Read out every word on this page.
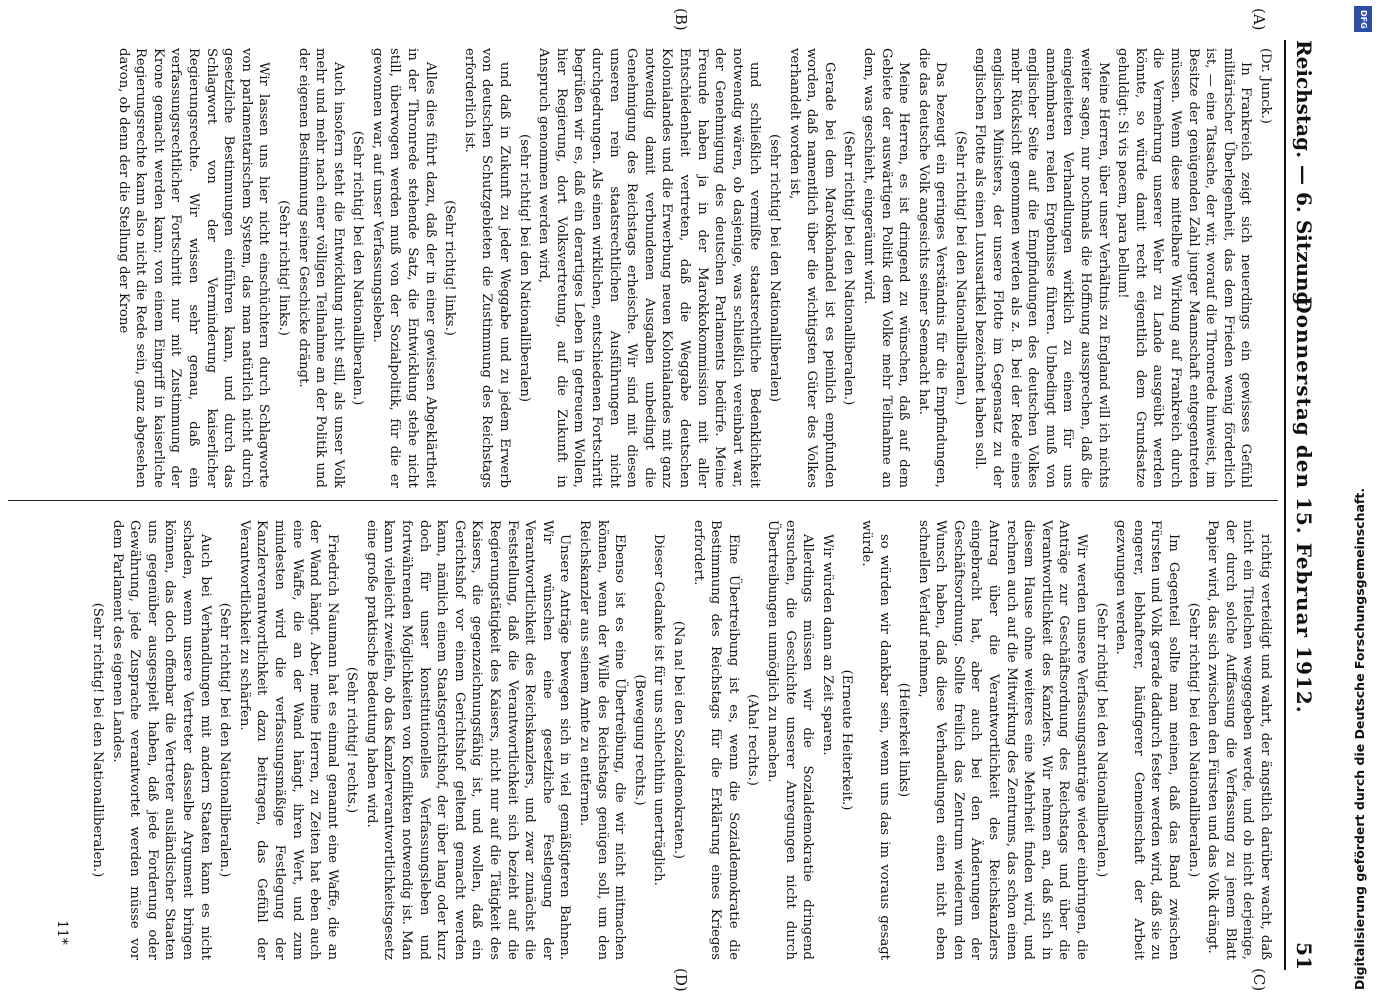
Reichstag. — 6. Sitzung.
Donnerstag den 15. Februar 1912.
51
(A)
(B)
(C)
(D)

(Dr. Junck.)

In Frankreich zeigt sich neuerdings ein gewisses Gefühl militärischer Überlegenheit, das dem Frieden wenig förderlich ist, — eine Tatsache, der wir, worauf die Thronrede hinweist, im Besitze der genügenden Zahl junger Mannschaft entgegentreten müssen. Wenn diese mittelbare Wirkung auf Frankreich durch die Vermehrung unserer Wehr zu Lande ausgeübt werden könnte, so würde damit recht eigentlich dem Grundsatze gehuldigt: Si vis pacem, para bellum!

Meine Herren, über unser Verhältnis zu England will ich nichts weiter sagen, nur nochmals die Hoffnung aussprechen, daß die eingeleiteten Verhandlungen wirklich zu einem für uns annehmbaren realen Ergebnisse führen. Unbedingt muß von englischer Seite auf die Empfindungen des deutschen Volkes mehr Rücksicht genommen werden als z. B. bei der Rede eines englischen Ministers, der unsere Flotte im Gegensatz zu der englischen Flotte als einen Luxusartikel bezeichnet haben soll.

(Sehr richtig! bei den Nationalliberalen.)

Das bezeugt ein geringes Verständnis für die Empfindungen, die das deutsche Volk angesichts seiner Seemacht hat.

Meine Herren, es ist dringend zu wünschen, daß auf dem Gebiete der auswärtigen Politik dem Volke mehr Teilnahme an dem, was geschieht, eingeräumt wird.

(Sehr richtig! bei den Nationalliberalen.)

Gerade bei dem Marokkohandel ist es peinlich empfunden worden, daß namentlich über die wichtigsten Güter des Volkes verhandelt worden ist,

(sehr richtig! bei den Nationalliberalen)

und schließlich vermißte staatsrechtliche Bedenklichkeit notwendig wären, ob dasjenige, was schließlich vereinbart war, der Genehmigung des deutschen Parlaments bedürfe. Meine Freunde haben ja in der Marokkokommission mit aller Entschiedenheit vertreten, daß die Weggabe deutschen Kolonialandes und die Erwerbung neuen Kolonialandes mit ganz notwendig damit verbundenen Ausgaben unbedingt die Genehmigung des Reichstags erheische. Wir sind mit diesen unseren rein staatsrechtlichen Ausführungen nicht durchgedrungen. Als einen wirklichen, entschiedenen Fortschritt begrüßen wir es, daß ein derartiges Leben in getreuem Wollen, hier Regierung, dort Volksvertretung, auf die Zukunft in Anspruch genommen werden wird,

(sehr richtig! bei den Nationalliberalen)

und daß in Zukunft zu jeder Weggabe und zu jedem Erwerb von deutschen Schutzgebieten die Zustimmung des Reichstags erforderlich ist.

(Sehr richtig! links.)

Alles dies führt dazu, daß der in einer gewissen Abgeklärtheit in der Thronrede stehende Satz, die Entwicklung stehe nicht still, überwogen werden muß von der Sozialpolitik, für die er gewonnen war, auf unser Verfassungsleben.

(Sehr richtig! bei den Nationalliberalen.)

Auch insofern steht die Entwicklung nicht still, als unser Volk mehr und mehr nach einer völligen Teilnahme an der Politik und der eigenen Bestimmung seiner Geschicke drängt.

(Sehr richtig! links.)

Wir lassen uns hier nicht einschüchtern durch Schlagworte von parlamentarischem System, das man natürlich nicht durch gesetzliche Bestimmungen einführen kann, und durch das Schlagwort von der Verminderung kaiserlicher Regierungsrechte. Wir wissen sehr genau, daß ein verfassungsrechtlicher Fortschritt nur mit Zustimmung der Krone gemacht werden kann; von einem Eingriff in kaiserliche Regierungsrechte kann also nicht die Rede sein, ganz abgesehen davon, ob denn der die Stellung der Krone

richtig verteidigt und wahrt, der ängstlich darüber wacht, daß nicht ein Titelchen weggegeben werde, und ob nicht derjenige, der durch solche Auffassung die Verfassung zu jenem Blatt Papier wird, das sich zwischen den Fürsten und das Volk drängt.

(Sehr richtig! bei den Nationalliberalen.)

Im Gegenteil sollte man meinen, daß das Band zwischen Fürsten und Volk gerade dadurch fester werden wird, daß sie zu engerer, lebhafterer, häufigerer Gemeinschaft der Arbeit gezwungen werden.

(Sehr richtig! bei den Nationalliberalen.)

Wir werden unsere Verfassungsanträge wieder einbringen, die Anträge zur Geschäftsordnung des Reichstags und über die Verantwortlichkeit des Kanzlers. Wir nehmen an, daß sich in diesem Hause ohne weiteres eine Mehrheit finden wird, und rechnen auch auf die Mitwirkung des Zentrums, das schon einen Antrag über die Verantwortlichkeit des Reichskanzlers eingebracht hat, aber auch bei den Änderungen der Geschäftsordnung. Sollte freilich das Zentrum wiederum den Wunsch haben, daß diese Verhandlungen einen nicht eben schnellen Verlauf nehmen,

(Heiterkeit links)

so würden wir dankbar sein, wenn uns das im voraus gesagt würde.

(Erneute Heiterkeit.)

Wir würden dann an Zeit sparen.

Allerdings müssen wir die Sozialdemokratie dringend ersuchen, die Geschichte unserer Anregungen nicht durch Übertreibungen unmöglich zu machen.

(Aha! rechts.)

Eine Übertreibung ist es, wenn die Sozialdemokratie die Bestimmung des Reichstags für die Erklärung eines Krieges erfordert.

(Na na! bei den Sozialdemokraten.)

Dieser Gedanke ist für uns schlechthin unerträglich.

(Bewegung rechts.)

Ebenso ist es eine Übertreibung, die wir nicht mitmachen können, wenn der Wille des Reichstags genügen soll, um den Reichskanzler aus seinem Amte zu entfernen.

Unsere Anträge bewegen sich in viel gemäßigteren Bahnen. Wir wünschen eine gesetzliche Festlegung der Verantwortlichkeit des Reichskanzlers, und zwar zunächst die Feststellung, daß die Verantwortlichkeit sich bezieht auf die Regierungstätigkeit des Kaisers, nicht nur auf die Tätigkeit des Kaisers, die gegenzeichnungsfähig ist, und wollen, daß ein Gerichtshof vor einem Gerichtshof geltend gemacht werden kann, nämlich einem Staatsgerichtshof, der über lang oder kurz doch für unser konstitutionelles Verfassungsleben und fortwährenden Möglichkeiten von Konflikten notwendig ist. Man kann vielleicht zweifeln, ob das Kanzlerverantwortlichkeitsgesetz eine große praktische Bedeutung haben wird.

(Sehr richtig! rechts.)

Friedrich Naumann hat es einmal genannt eine Waffe, die an der Wand hängt. Aber, meine Herren, zu Zeiten hat eben auch eine Waffe, die an der Wand hängt, ihren Wert, und zum mindesten wird die verfassungsmäßige Festlegung der Kanzlerverantwortlichkeit dazu beitragen, das Gefühl der Verantwortlichkeit zu schärfen.

(Sehr richtig! bei den Nationalliberalen.)

Auch bei Verhandlungen mit andern Staaten kann es nicht schaden, wenn unsere Vertreter dasselbe Argument bringen können, das doch offenbar die Vertreter ausländischer Staaten uns gegenüber ausgespielt haben, daß jede Forderung oder Gewährung, jede Zusprache verantwortet werden müsse vor dem Parlament des eigenen Landes.

(Sehr richtig! bei den Nationalliberalen.)

11*
DFG
Digitalisierung gefördert durch die Deutsche Forschungsgemeinschaft.
